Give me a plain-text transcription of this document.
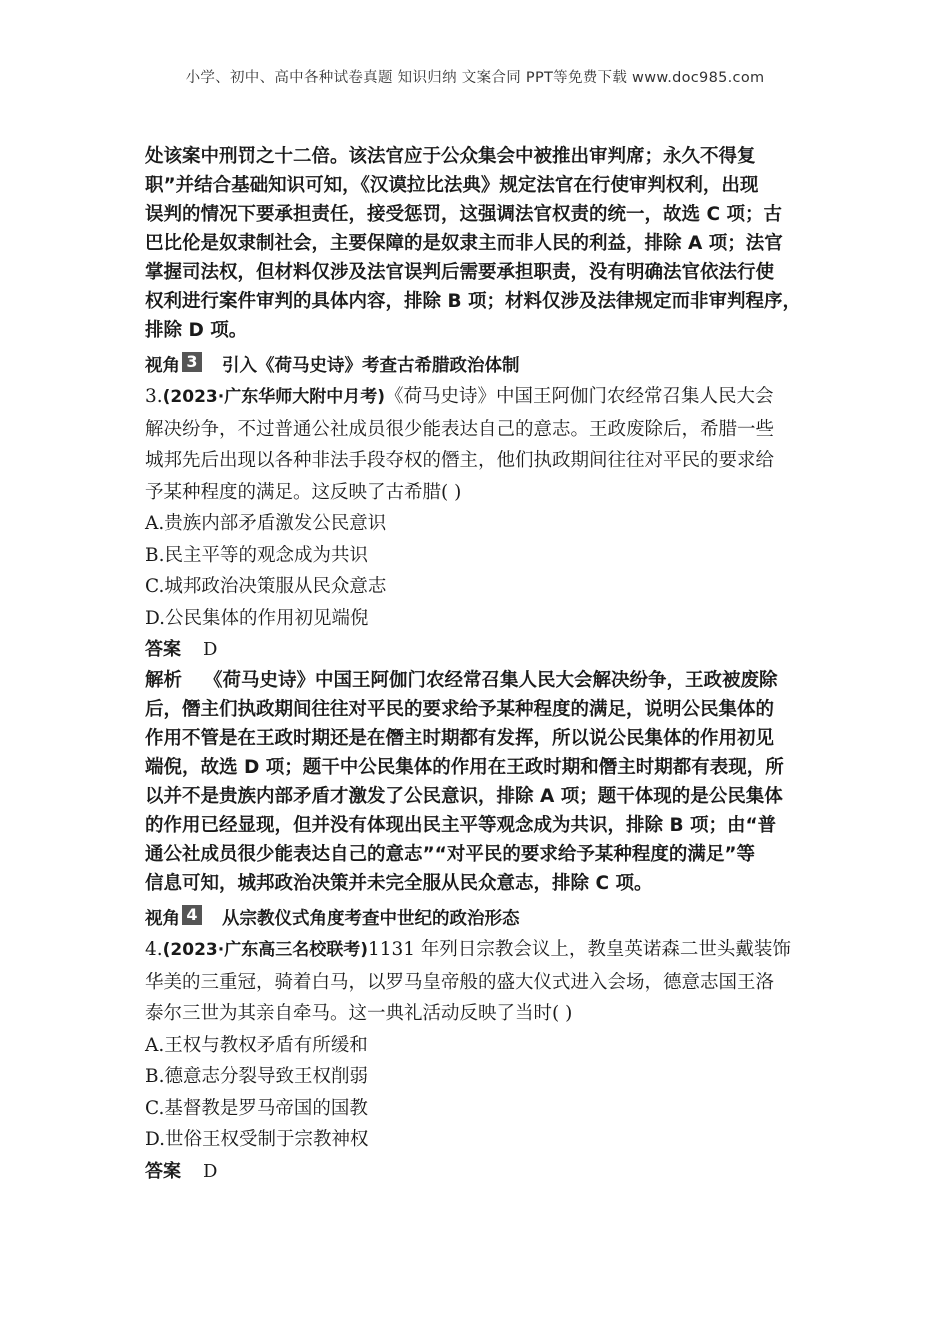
小学、初中、高中各种试卷真题 知识归纳 文案合同 PPT等免费下载 www.doc985.com
处该案中刑罚之十二倍。该法官应于公众集会中被推出审判席；永久不得复
职”并结合基础知识可知，《汉谟拉比法典》规定法官在行使审判权利，出现
误判的情况下要承担责任，接受惩罚，这强调法官权责的统一，故选 C 项；古
巴比伦是奴隶制社会，主要保障的是奴隶主而非人民的利益，排除 A 项；法官
掌握司法权，但材料仅涉及法官误判后需要承担职责，没有明确法官依法行使
权利进行案件审判的具体内容，排除 B 项；材料仅涉及法律规定而非审判程序，
排除 D 项。
视角 3 引入《荷马史诗》考查古希腊政治体制
3.(2023·广东华师大附中月考)《荷马史诗》中国王阿伽门农经常召集人民大会
解决纷争，不过普通公社成员很少能表达自己的意志。王政废除后，希腊一些
城邦先后出现以各种非法手段夺权的僭主，他们执政期间往往对平民的要求给
予某种程度的满足。这反映了古希腊( )
A.贵族内部矛盾激发公民意识
B.民主平等的观念成为共识
C.城邦政治决策服从民众意志
D.公民集体的作用初见端倪
答案 D
解析 《荷马史诗》中国王阿伽门农经常召集人民大会解决纷争，王政被废除
后，僭主们执政期间往往对平民的要求给予某种程度的满足，说明公民集体的
作用不管是在王政时期还是在僭主时期都有发挥，所以说公民集体的作用初见
端倪，故选 D 项；题干中公民集体的作用在王政时期和僭主时期都有表现，所
以并不是贵族内部矛盾才激发了公民意识，排除 A 项；题干体现的是公民集体
的作用已经显现，但并没有体现出民主平等观念成为共识，排除 B 项；由“普
通公社成员很少能表达自己的意志”“对平民的要求给予某种程度的满足”等
信息可知，城邦政治决策并未完全服从民众意志，排除 C 项。
视角 4 从宗教仪式角度考查中世纪的政治形态
4.(2023·广东高三名校联考)1131 年列日宗教会议上，教皇英诺森二世头戴装饰
华美的三重冠，骑着白马，以罗马皇帝般的盛大仪式进入会场，德意志国王洛
泰尔三世为其亲自牵马。这一典礼活动反映了当时( )
A.王权与教权矛盾有所缓和
B.德意志分裂导致王权削弱
C.基督教是罗马帝国的国教
D.世俗王权受制于宗教神权
答案 D
